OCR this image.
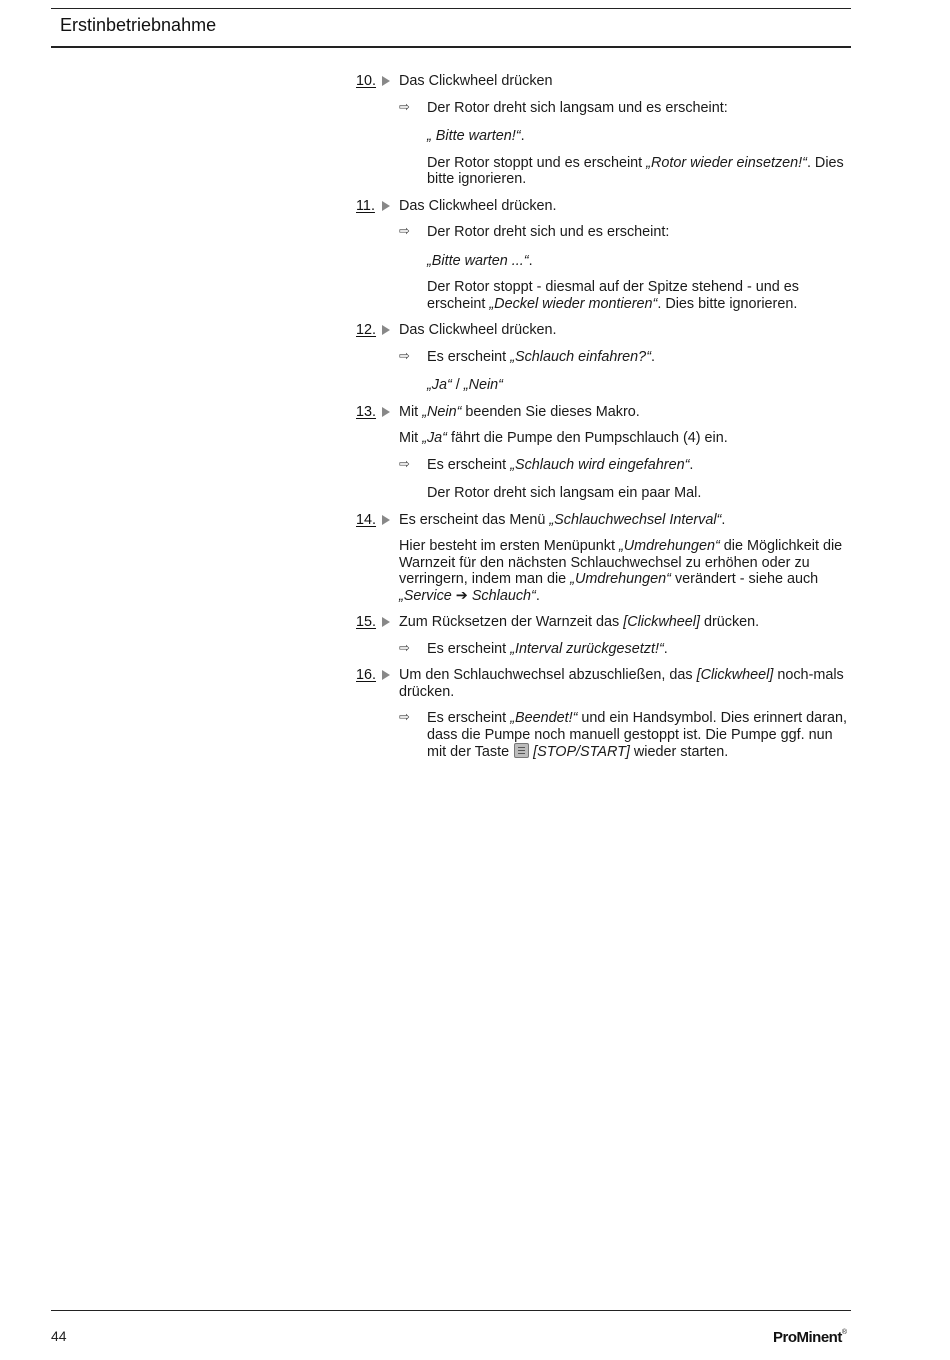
Erstinbetriebnahme
10.	Das Clickwheel drücken
⇨ Der Rotor dreht sich langsam und es erscheint:
„ Bitte warten!“.
Der Rotor stoppt und es erscheint „Rotor wieder einsetzen!“. Dies bitte ignorieren.
11.	Das Clickwheel drücken.
⇨ Der Rotor dreht sich und es erscheint:
„Bitte warten ...“.
Der Rotor stoppt - diesmal auf der Spitze stehend - und es erscheint „Deckel wieder montieren“. Dies bitte ignorieren.
12.	Das Clickwheel drücken.
⇨ Es erscheint „Schlauch einfahren?“.
„Ja“ / „Nein“
13.	Mit „Nein“ beenden Sie dieses Makro.
Mit „Ja“ fährt die Pumpe den Pumpschlauch (4) ein.
⇨ Es erscheint „Schlauch wird eingefahren“.
Der Rotor dreht sich langsam ein paar Mal.
14.	Es erscheint das Menü „Schlauchwechsel Interval“.
Hier besteht im ersten Menüpunkt „Umdrehungen“ die Möglichkeit die Warnzeit für den nächsten Schlauchwechsel zu erhöhen oder zu verringern, indem man die „Umdrehungen“ verändert - siehe auch „Service ➔ Schlauch“.
15.	Zum Rücksetzen der Warnzeit das [Clickwheel] drücken.
⇨ Es erscheint „Interval zurückgesetzt!“.
16.	Um den Schlauchwechsel abzuschließen, das [Clickwheel] noch-mals drücken.
⇨ Es erscheint „Beendet!“ und ein Handsymbol. Dies erinnert daran, dass die Pumpe noch manuell gestoppt ist. Die Pumpe ggf. nun mit der Taste [STOP/START] wieder starten.
44	ProMinent®
